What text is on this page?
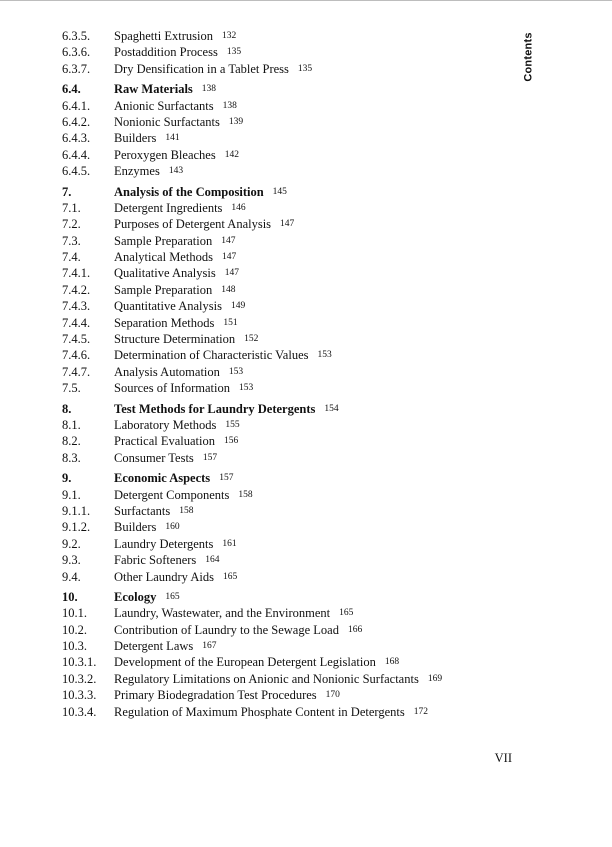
Contents
6.3.5.	Spaghetti Extrusion 132
6.3.6.	Postaddition Process 135
6.3.7.	Dry Densification in a Tablet Press 135
6.4.	Raw Materials 138
6.4.1.	Anionic Surfactants 138
6.4.2.	Nonionic Surfactants 139
6.4.3.	Builders 141
6.4.4.	Peroxygen Bleaches 142
6.4.5.	Enzymes 143
7.	Analysis of the Composition 145
7.1.	Detergent Ingredients 146
7.2.	Purposes of Detergent Analysis 147
7.3.	Sample Preparation 147
7.4.	Analytical Methods 147
7.4.1.	Qualitative Analysis 147
7.4.2.	Sample Preparation 148
7.4.3.	Quantitative Analysis 149
7.4.4.	Separation Methods 151
7.4.5.	Structure Determination 152
7.4.6.	Determination of Characteristic Values 153
7.4.7.	Analysis Automation 153
7.5.	Sources of Information 153
8.	Test Methods for Laundry Detergents 154
8.1.	Laboratory Methods 155
8.2.	Practical Evaluation 156
8.3.	Consumer Tests 157
9.	Economic Aspects 157
9.1.	Detergent Components 158
9.1.1.	Surfactants 158
9.1.2.	Builders 160
9.2.	Laundry Detergents 161
9.3.	Fabric Softeners 164
9.4.	Other Laundry Aids 165
10.	Ecology 165
10.1.	Laundry, Wastewater, and the Environment 165
10.2.	Contribution of Laundry to the Sewage Load 166
10.3.	Detergent Laws 167
10.3.1.	Development of the European Detergent Legislation 168
10.3.2.	Regulatory Limitations on Anionic and Nonionic Surfactants 169
10.3.3.	Primary Biodegradation Test Procedures 170
10.3.4.	Regulation of Maximum Phosphate Content in Detergents 172
VII
